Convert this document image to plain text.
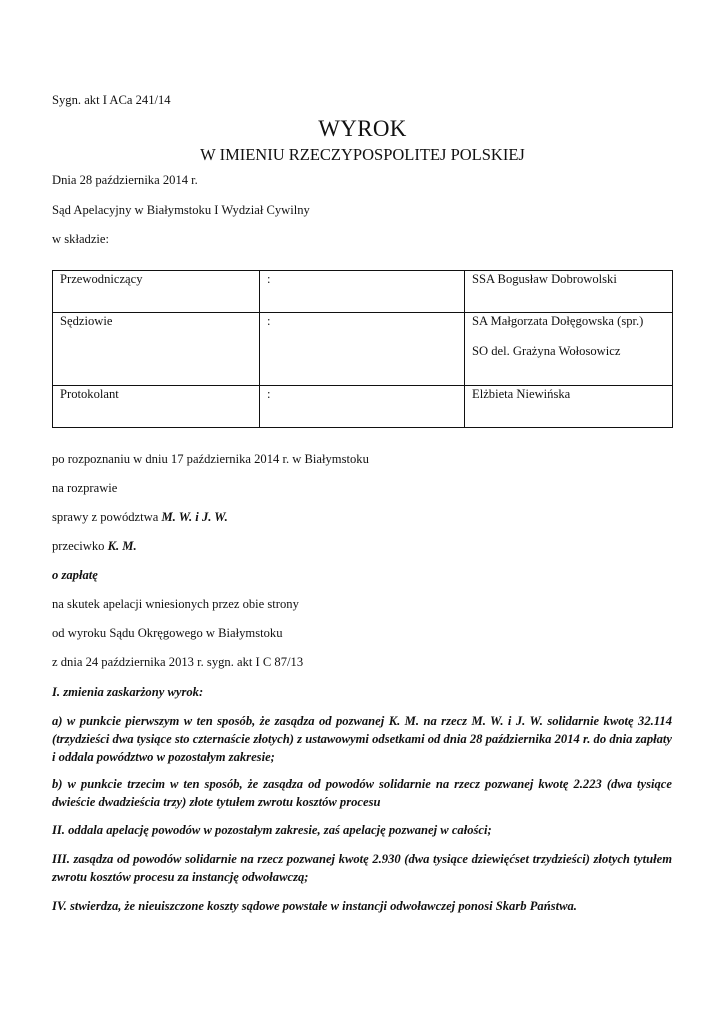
Sygn. akt I ACa 241/14
WYROK
W IMIENIU RZECZYPOSPOLITEJ POLSKIEJ
Dnia 28 października 2014 r.
Sąd Apelacyjny w Białymstoku I Wydział Cywilny
w składzie:
Przewodniczący	:	SSA Bogusław Dobrowolski
Sędziowie	:	SA Małgorzata Dołęgowska (spr.)
SO del. Grażyna Wołosowicz

Protokolant	:	Elżbieta Niewińska
po rozpoznaniu w dniu 17 października 2014 r. w Białymstoku
na rozprawie
sprawy z powództwa M. W. i J. W.
przeciwko K. M.
o zapłatę
na skutek apelacji wniesionych przez obie strony
od wyroku Sądu Okręgowego w Białymstoku
z dnia 24 października 2013 r. sygn. akt I C 87/13
I. zmienia zaskarżony wyrok:
a) w punkcie pierwszym w ten sposób, że zasądza od pozwanej K. M. na rzecz M. W. i J. W. solidarnie kwotę 32.114 (trzydzieści dwa tysiące sto czternaście złotych) z ustawowymi odsetkami od dnia 28 października 2014 r. do dnia zapłaty i oddala powództwo w pozostałym zakresie;
b) w punkcie trzecim w ten sposób, że zasądza od powodów solidarnie na rzecz pozwanej kwotę 2.223 (dwa tysiące dwieście dwadzieścia trzy) złote tytułem zwrotu kosztów procesu
II. oddala apelację powodów w pozostałym zakresie, zaś apelację pozwanej w całości;
III. zasądza od powodów solidarnie na rzecz pozwanej kwotę 2.930 (dwa tysiące dziewięćset trzydzieści) złotych tytułem zwrotu kosztów procesu za instancję odwoławczą;
IV. stwierdza, że nieuiszczone koszty sądowe powstałe w instancji odwoławczej ponosi Skarb Państwa.
